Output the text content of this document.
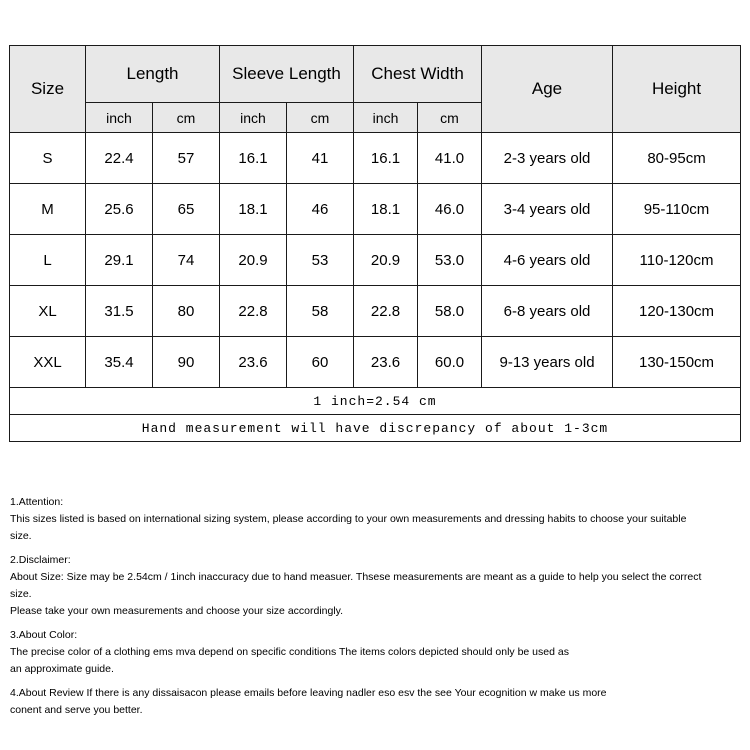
Size	Length		Sleeve Length		Chest Width		Age	Height
	inch	cm	inch	cm	inch	cm		
S	22.4	57	16.1	41	16.1	41.0	2-3 years old	80-95cm
M	25.6	65	18.1	46	18.1	46.0	3-4 years old	95-110cm
L	29.1	74	20.9	53	20.9	53.0	4-6 years old	110-120cm
XL	31.5	80	22.8	58	22.8	58.0	6-8 years old	120-130cm
XXL	35.4	90	23.6	60	23.6	60.0	9-13 years old	130-150cm
1 inch=2.54 cm								
Hand measurement will have discrepancy of about 1-3cm								

1.Attention:

This sizes listed is based on international sizing system, please according to your own measurements and dressing habits to choose your suitable size.

2.Disclaimer:

About Size: Size may be 2.54cm / 1inch inaccuracy due to hand measuer. Thsese measurements are meant as a guide to help you select the correct size.

Please take your own measurements and choose your size accordingly.

3.About Color:

The precise color of a clothing ems mva depend on specific conditions The items colors depicted should only be used as

an approximate guide.

4.About Review If there is any dissaisacon please emails before leaving nadler eso esv the see Your ecognition w make us more

conent and serve you better.
